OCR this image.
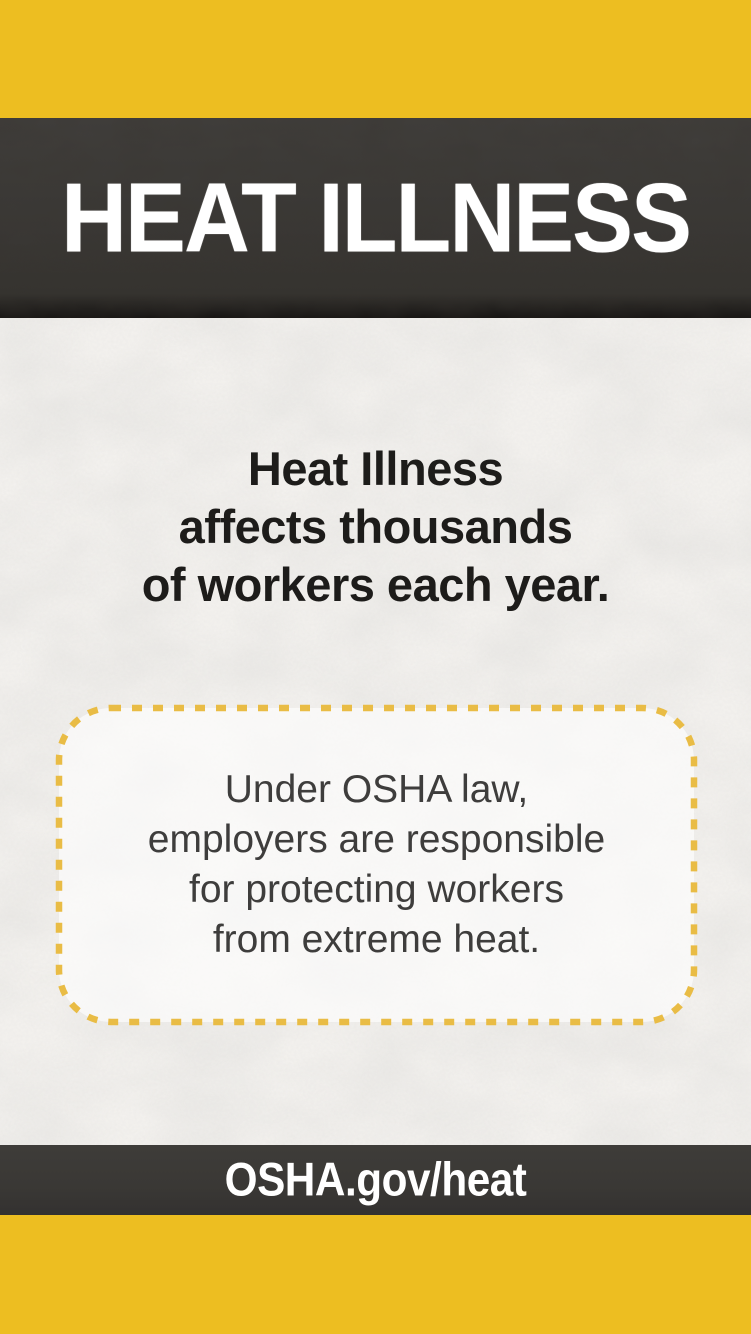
HEAT ILLNESS
Heat Illness
affects thousands
of workers each year.
Under OSHA law,
employers are responsible
for protecting workers
from extreme heat.
OSHA.gov/heat
